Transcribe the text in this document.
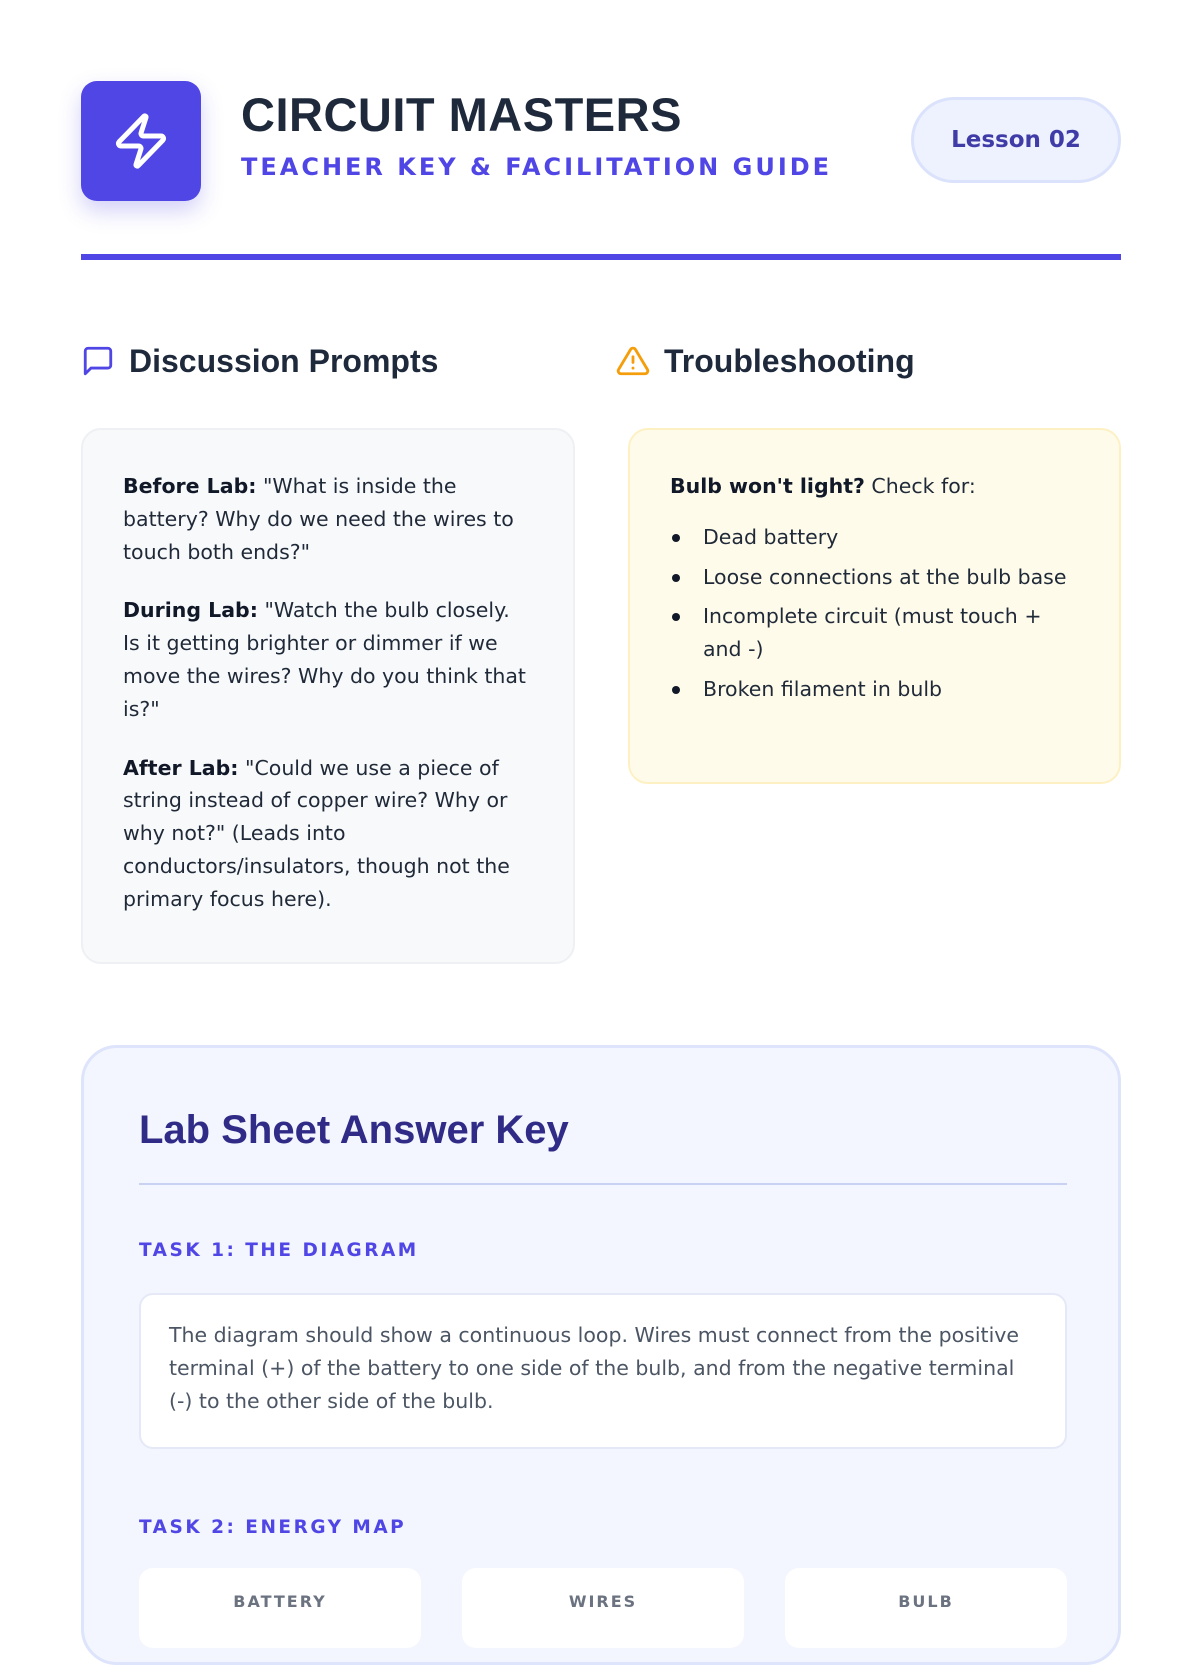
CIRCUIT MASTERS
TEACHER KEY & FACILITATION GUIDE
Lesson 02
Discussion Prompts

Before Lab: "What is inside the battery? Why do we need the wires to touch both ends?"

During Lab: "Watch the bulb closely. Is it getting brighter or dimmer if we move the wires? Why do you think that is?"

After Lab: "Could we use a piece of string instead of copper wire? Why or why not?" (Leads into conductors/insulators, though not the primary focus here).

Troubleshooting

Bulb won't light? Check for:

Dead battery
Loose connections at the bulb base
Incomplete circuit (must touch + and -)
Broken filament in bulb
Lab Sheet Answer Key
TASK 1: THE DIAGRAM
The diagram should show a continuous loop. Wires must connect from the positive terminal (+) of the battery to one side of the bulb, and from the negative terminal (-) to the other side of the bulb.
TASK 2: ENERGY MAP
BATTERY	WIRES	BULB
